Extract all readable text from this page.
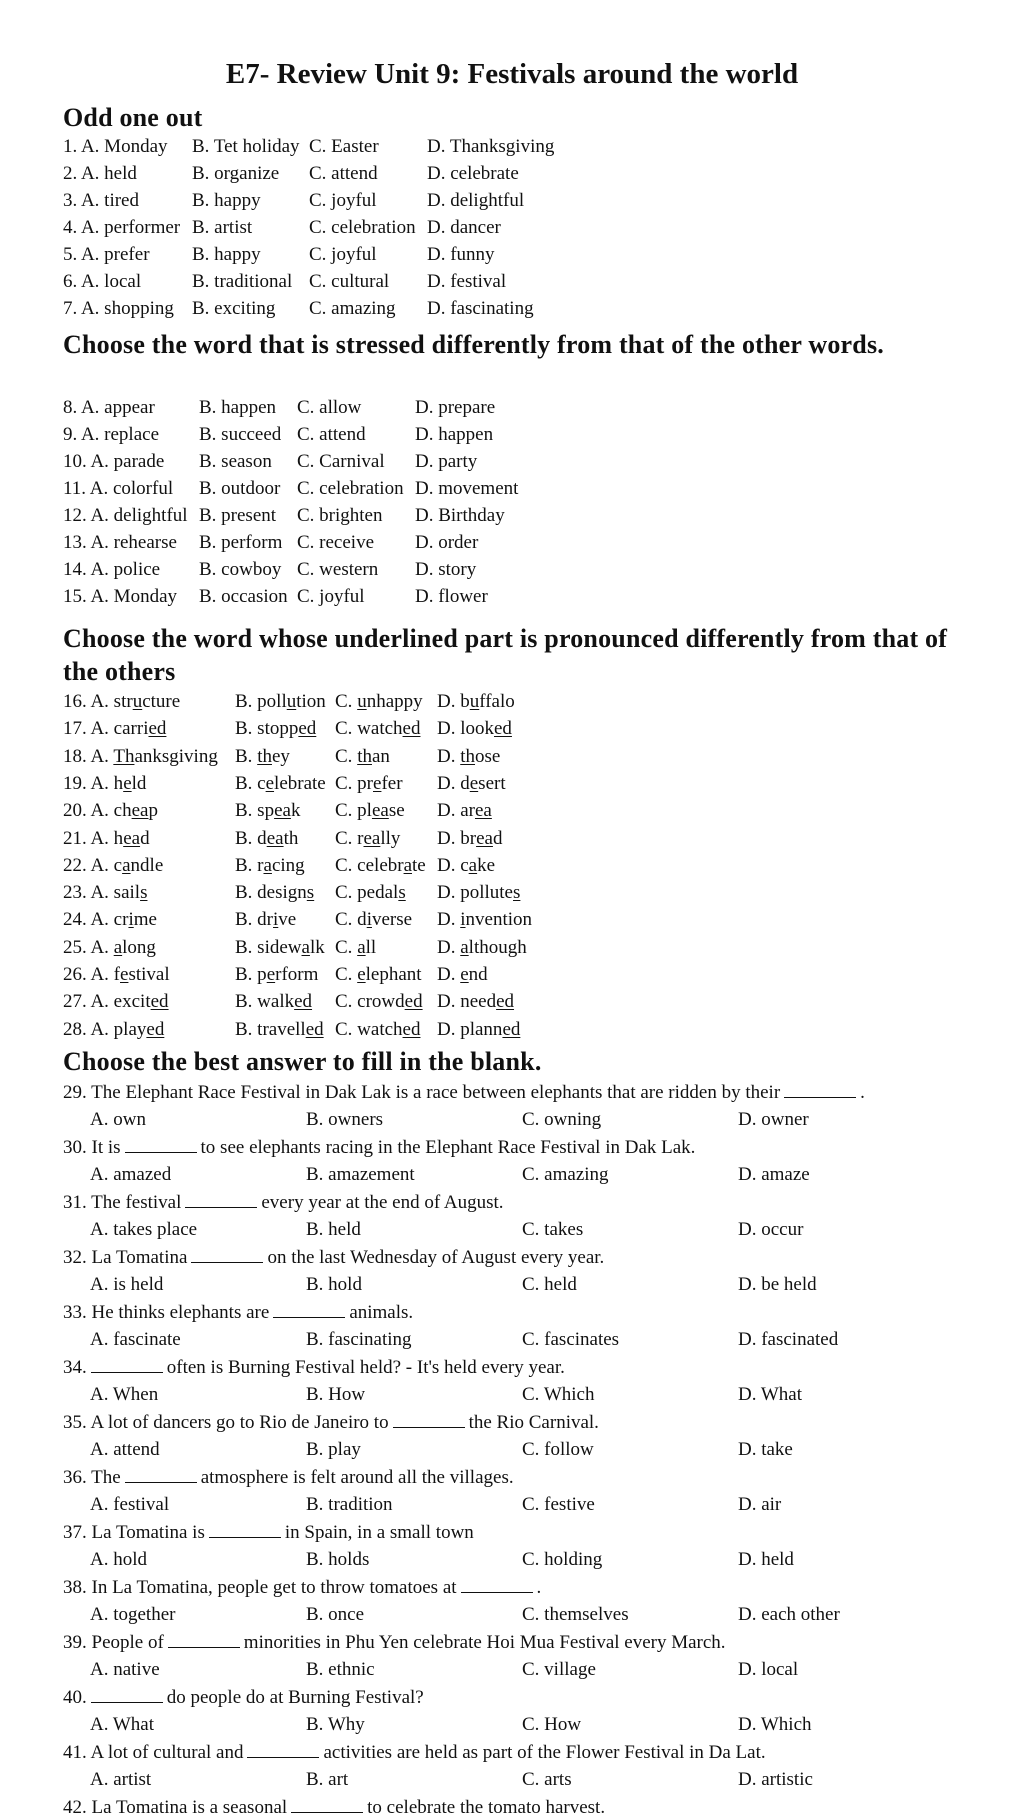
E7- Review Unit 9: Festivals around the world
Odd one out
1. A. Monday B. Tet holiday C. Easter	D. Thanksgiving
2. A. held	B. organize C. attend	D. celebrate
3. A. tired	B. happy	C. joyful	D. delightful
4. A. performer B. artist	C. celebration D. dancer
5. A. prefer B. happy	C. joyful	D. funny
6. A. local	B. traditional C. cultural D. festival
7. A. shopping B. exciting C. amazing D. fascinating
Choose the word that is stressed differently from that of the other words.
8. A. appear B. happen C. allow	D. prepare
9. A. replace B. succeed C. attend	D. happen
10. A. parade B. season C. Carnival D. party
11. A. colorful B. outdoor C. celebration D. movement
12. A. delightful B. present C. brighten D. Birthday
13. A. rehearse B. perform C. receive D. order
14. A. police B. cowboy C. western D. story
15. A. Monday B. occasion C. joyful	D. flower
Choose the word whose underlined part is pronounced differently from that of the others
16. A. structure	B. pollution C. unhappy D. buffalo
17. A. carried	B. stopped C. watched D. looked
18. A. Thanksgiving B. they C. than D. those
19. A. held	B. celebrate C. prefer D. desert
20. A. cheap	B. speak C. please D. area
21. A. head	B. death C. really D. bread
22. A. candle	B. racing C. celebrate D. cake
23. A. sails	B. designs C. pedals D. pollutes
24. A. crime	B. drive C. diverse D. invention
25. A. along	B. sidewalk C. all	D. although
26. A. festival	B. perform C. elephant D. end
27. A. excited	B. walked C. crowded D. needed
28. A. played	B. travelled C. watched D. planned
Choose the best answer to fill in the blank.
29. The Elephant Race Festival in Dak Lak is a race between elephants that are ridden by their	.
A. own	B. owners	C. owning	D. owner
30. It is	to see elephants racing in the Elephant Race Festival in Dak Lak.
A. amazed	B. amazement	C. amazing	D. amaze
31. The festival	every year at the end of August.
A. takes place	B. held	C. takes	D. occur
32. La Tomatina	on the last Wednesday of August every year.
A. is held	B. hold	C. held	D. be held
33. He thinks elephants are	animals.
A. fascinate	B. fascinating	C. fascinates	D. fascinated
34.	often is Burning Festival held? - It's held every year.
A. When	B. How	C. Which	D. What
35. A lot of dancers go to Rio de Janeiro to	the Rio Carnival.
A. attend	B. play	C. follow	D. take
36. The	atmosphere is felt around all the villages.
A. festival	B. tradition	C. festive	D. air
37. La Tomatina is	in Spain, in a small town
A. hold	B. holds	C. holding	D. held
38. In La Tomatina, people get to throw tomatoes at	.
A. together	B. once	C. themselves	D. each other
39. People of	minorities in Phu Yen celebrate Hoi Mua Festival every March.
A. native	B. ethnic	C. village	D. local
40.	do people do at Burning Festival?
A. What	B. Why	C. How	D. Which
41. A lot of cultural and	activities are held as part of the Flower Festival in Da Lat.
A. artist	B. art	C. arts	D. artistic
42. La Tomatina is a seasonal	to celebrate the tomato harvest.
